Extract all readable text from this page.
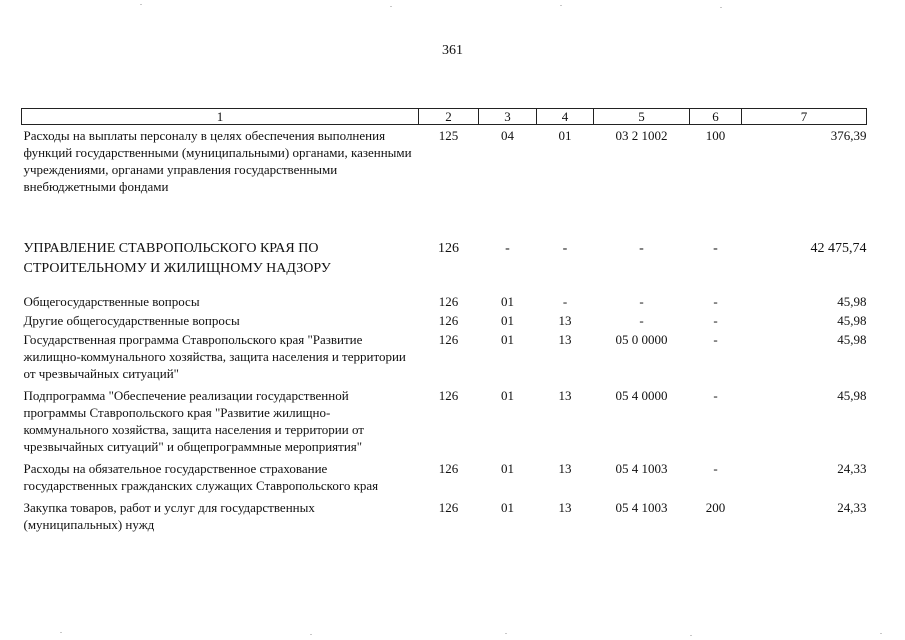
361
1	2	3	4	5	6	7
Расходы на выплаты персоналу в целях обеспечения выполнения функций государственными (муниципальными) органами, казенными учреждениями, органами управления государственными внебюджетными фондами	125	04	01	03 2 1002	100	376,39
УПРАВЛЕНИЕ СТАВРОПОЛЬСКОГО КРАЯ ПО СТРОИТЕЛЬНОМУ И ЖИЛИЩНОМУ НАДЗОРУ	126	-	-	-	-	42 475,74
Общегосударственные вопросы	126	01	-	-	-	45,98
Другие общегосударственные вопросы	126	01	13	-	-	45,98
Государственная программа Ставропольского края "Развитие жилищно-коммунального хозяйства, защита населения и территории от чрезвычайных ситуаций"	126	01	13	05 0 0000	-	45,98
Подпрограмма "Обеспечение реализации государственной программы Ставропольского края "Развитие жилищно-коммунального хозяйства, защита населения и территории от чрезвычайных ситуаций" и общепрограммные мероприятия"	126	01	13	05 4 0000	-	45,98
Расходы на обязательное государственное страхование государственных гражданских служащих Ставропольского края	126	01	13	05 4 1003	-	24,33
Закупка товаров, работ и услуг для государственных (муниципальных) нужд	126	01	13	05 4 1003	200	24,33
